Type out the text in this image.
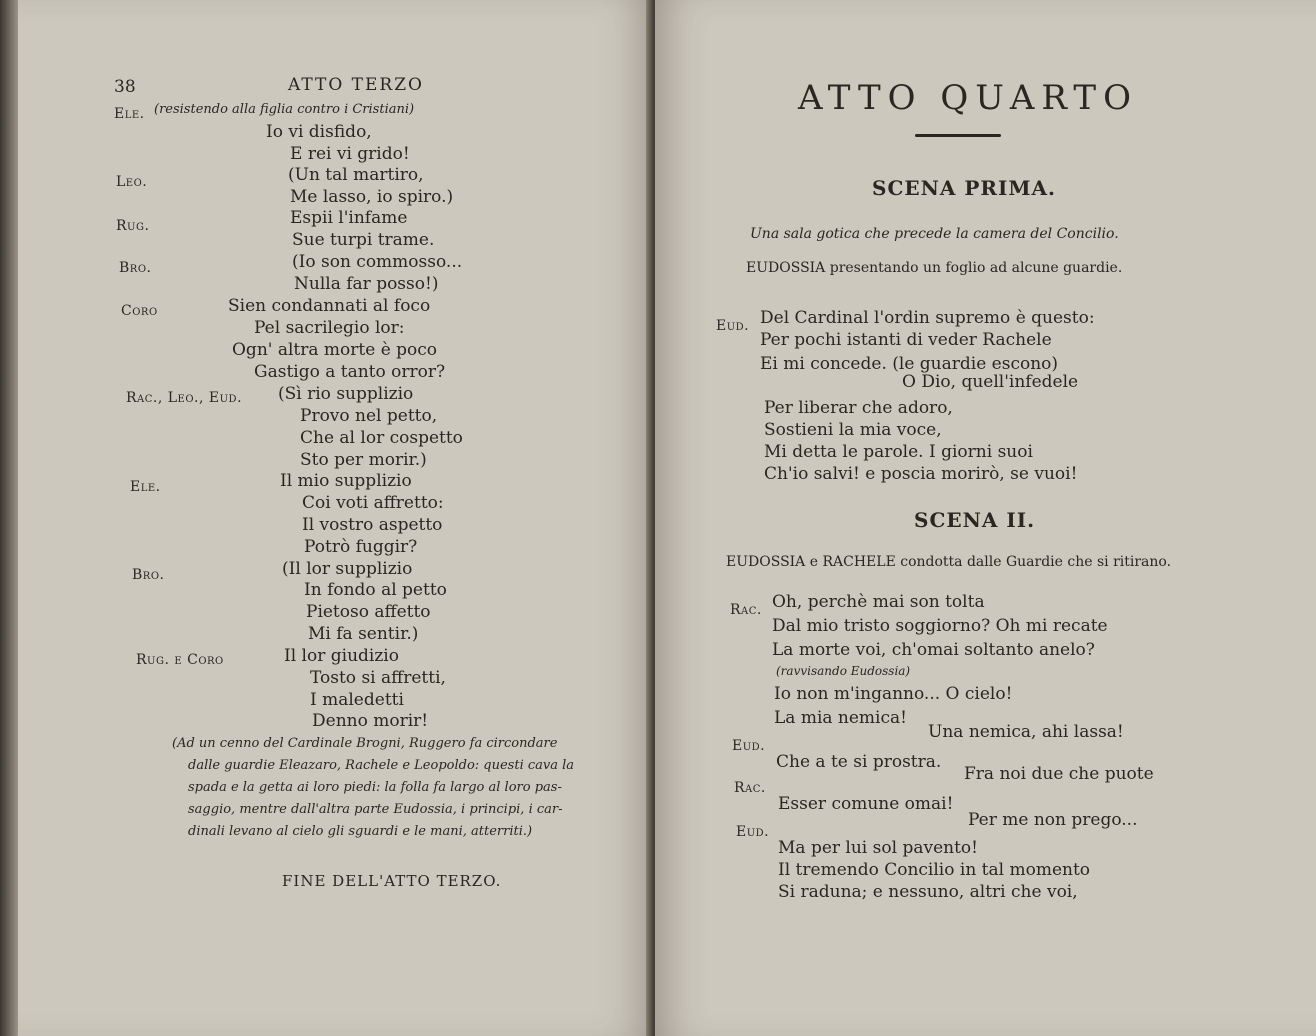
38	ATTO TERZO
Ele. (resistendo alla figlia contro i Cristiani)
Io vi disfido,
E rei vi grido!
Leo.	(Un tal martiro,
Me lasso, io spiro.)
Rug.	Espii l'infame
Sue turpi trame.
Bro.	(Io son commosso...
Nulla far posso!)
Coro	Sien condannati al foco
Pel sacrilegio lor:
Ogn' altra morte è poco
Gastigo a tanto orror?
Rac., Leo., Eud. (Sì rio supplizio
Provo nel petto,
Che al lor cospetto
Sto per morir.)
Ele.	Il mio supplizio
Coi voti affretto:
Il vostro aspetto
Potrò fuggir?
Bro.	(Il lor supplizio
In fondo al petto
Pietoso affetto
Mi fa sentir.)
Rug. e Coro	Il lor giudizio
Tosto si affretti,
I maledetti
Denno morir!
(Ad un cenno del Cardinale Brogni, Ruggero fa circondare
dalle guardie Eleazaro, Rachele e Leopoldo: questi cava la
spada e la getta ai loro piedi: la folla fa largo al loro pas-
saggio, mentre dall'altra parte Eudossia, i principi, i car-
dinali levano al cielo gli sguardi e le mani, atterriti.)
FINE DELL'ATTO TERZO.
ATTO QUARTO
SCENA PRIMA.
Una sala gotica che precede la camera del Concilio.
EUDOSSIA presentando un foglio ad alcune guardie.
Eud. Del Cardinal l'ordin supremo è questo:
Per pochi istanti di veder Rachele
Ei mi concede. (le guardie escono)
O Dio, quell'infedele
Per liberar che adoro,
Sostieni la mia voce,
Mi detta le parole. I giorni suoi
Ch'io salvi! e poscia morirò, se vuoi!
SCENA II.
EUDOSSIA e RACHELE condotta dalle Guardie che si ritirano.
Rac. Oh, perchè mai son tolta
Dal mio tristo soggiorno? Oh mi recate
La morte voi, ch'omai soltanto anelo?
(ravvisando Eudossia)
Io non m'inganno... O cielo!
La mia nemica!
Eud.
Una nemica, ahi lassa!
Che a te si prostra.
Rac.
Fra noi due che puote
Esser comune omai!
Eud.
Per me non prego...
Ma per lui sol pavento!
Il tremendo Concilio in tal momento
Si raduna; e nessuno, altri che voi,
